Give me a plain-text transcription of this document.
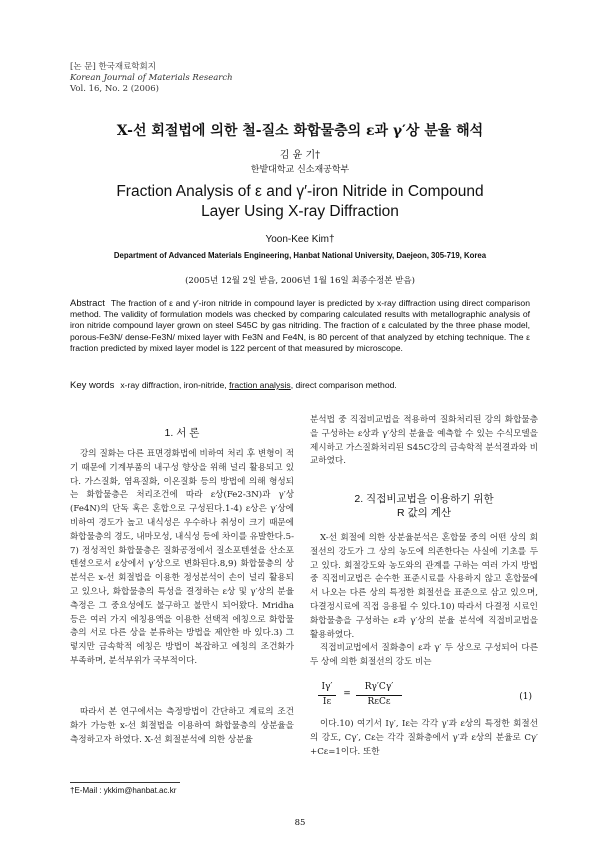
[논 문] 한국재료학회지
Korean Journal of Materials Research
Vol. 16, No. 2 (2006)
X-선 회절법에 의한 철-질소 화합물층의 ε과 γ′상 분율 해석
김 윤 기†
한밭대학교 신소재공학부
Fraction Analysis of ε and γ′-iron Nitride in Compound
Layer Using X-ray Diffraction
Yoon-Kee Kim†
Department of Advanced Materials Engineering, Hanbat National University, Daejeon, 305-719, Korea
(2005년 12월 2일 받음, 2006년 1월 16일 최종수정본 받음)
Abstract The fraction of ε and γ′-iron nitride in compound layer is predicted by x-ray diffraction using direct comparison method. The validity of formulation models was checked by comparing calculated results with metallographic analysis of iron nitride compound layer grown on steel S45C by gas nitriding. The fraction of ε calculated by the three phase model, porous-Fe3N/ dense-Fe3N/ mixed layer with Fe3N and Fe4N, is 80 percent of that analyzed by etching technique. The ε fraction predicted by mixed layer model is 122 percent of that measured by microscope.
Key words x-ray diffraction, iron-nitride, fraction analysis, direct comparison method.
1. 서 론
강의 질화는 다른 표면경화법에 비하여 처리 후 변형이 적기 때문에 기계부품의 내구성 향상을 위해 널리 활용되고 있다. 가스질화, 염욕질화, 이온질화 등의 방법에 의해 형성되는 화합물층은 처리조건에 따라 ε상(Fe2-3N)과 γ′상(Fe4N)의 단독 혹은 혼합으로 구성된다.1-4) ε상은 γ′상에 비하여 경도가 높고 내식성은 우수하나 취성이 크기 때문에 화합물층의 경도, 내마모성, 내식성 등에 차이를 유발한다.5-7) 정성적인 화합물층은 질화공정에서 질소포텐셜을 산소포텐셜으로서 ε상에서 γ′상으로 변화된다.8,9) 화합물층의 상분석은 x-선 회절법을 이용한 정성분석이 손이 널리 활용되고 있으나, 화합물층의 특성을 결정하는 ε상 및 γ′상의 분율 측정은 그 중요성에도 불구하고 불만시 되어왔다. Mridha 등은 여러 가지 에칭용액을 이용한 선택적 에칭으로 화합물층의 서로 다른 상을 분류하는 방법을 제안한 바 있다.3) 그렇지만 금속학적 에칭은 방법이 복잡하고 에칭의 조건화가 부족하며, 분석부위가 국부적이다.
따라서 본 연구에서는 측정방법이 간단하고 계료의 조건화가 가능한 x-선 회절법을 이용하여 화합물층의 상분율을 측정하고자 하였다. X-선 회절분석에 의한 상분율
분석법 중 직접비교법을 적용하여 질화처리된 강의 화합물층을 구성하는 ε상과 γ′상의 분율을 예측할 수 있는 수식모델을 제시하고 가스질화처리된 S45C강의 금속학적 분석결과와 비교하였다.
2. 직접비교법을 이용하기 위한
R 값의 계산
X-선 회절에 의한 상분율분석은 혼합물 중의 어떤 상의 회절선의 강도가 그 상의 농도에 의존한다는 사실에 기초를 두고 있다. 회절강도와 농도와의 관계를 구하는 여러 가지 방법 중 직접비교법은 순수한 표준시료를 사용하지 않고 혼합물에서 나오는 다른 상의 특정한 회절선을 표준으로 삼고 있으며, 다결정시료에 직접 응용될 수 있다.10) 따라서 다결정 시료인 화합물층을 구성하는 ε과 γ′상의 분율 분석에 직접비교법을 활용하였다.
직접비교법에서 질화층이 ε과 γ′ 두 상으로 구성되어 다른 두 상에 의한 회절선의 강도 비는
Iγ′
Iε
=
Rγ′Cγ′
RεCε	(1)
이다.10) 여기서 Iγ′, Iε는 각각 γ′과 ε상의 특정한 회절선의 강도, Cγ′, Cε는 각각 질화층에서 γ′과 ε상의 분율로 Cγ′+Cε=1이다. 또한
†E-Mail : ykkim@hanbat.ac.kr
85
